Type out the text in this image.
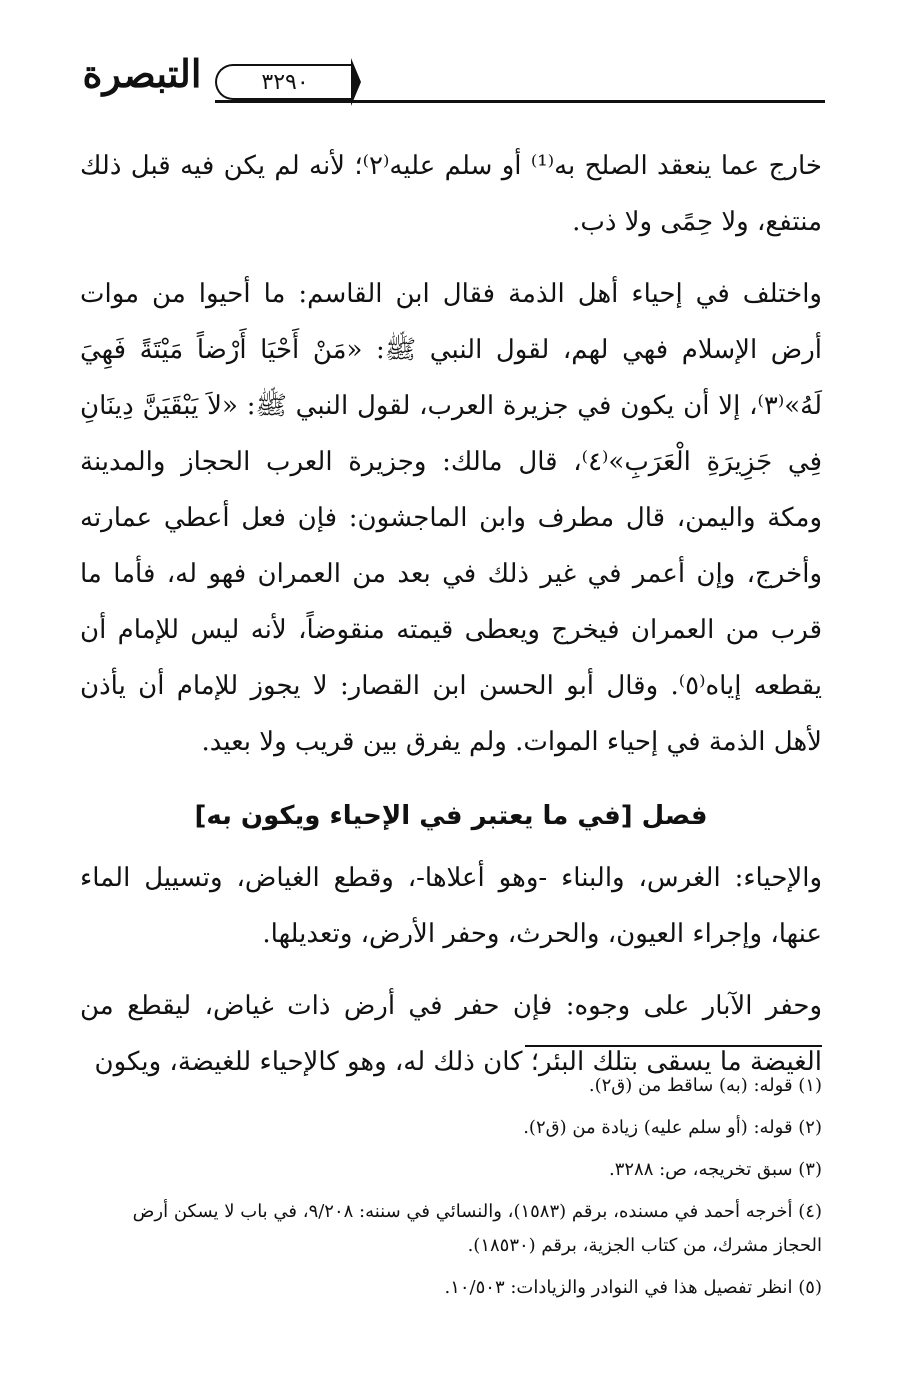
التبصرة	٣٢٩٠

خارج عما ينعقد الصلح به⁽¹⁾ أو سلم عليه⁽٢⁾؛ لأنه لم يكن فيه قبل ذلك منتفع، ولا حِمًى ولا ذب.

واختلف في إحياء أهل الذمة فقال ابن القاسم: ما أحيوا من موات أرض الإسلام فهي لهم، لقول النبي ﷺ: «مَنْ أَحْيَا أَرْضاً مَيْتَةً فَهِيَ لَهُ»⁽٣⁾، إلا أن يكون في جزيرة العرب، لقول النبي ﷺ: «لاَ يَبْقَيَنَّ دِينَانِ فِي جَزِيرَةِ الْعَرَبِ»⁽٤⁾، قال مالك: وجزيرة العرب الحجاز والمدينة ومكة واليمن، قال مطرف وابن الماجشون: فإن فعل أعطي عمارته وأخرج، وإن أعمر في غير ذلك في بعد من العمران فهو له، فأما ما قرب من العمران فيخرج ويعطى قيمته منقوضاً، لأنه ليس للإمام أن يقطعه إياه⁽٥⁾. وقال أبو الحسن ابن القصار: لا يجوز للإمام أن يأذن لأهل الذمة في إحياء الموات. ولم يفرق بين قريب ولا بعيد.

فصل [في ما يعتبر في الإحياء ويكون به]

والإحياء: الغرس، والبناء -وهو أعلاها-، وقطع الغياض، وتسييل الماء عنها، وإجراء العيون، والحرث، وحفر الأرض، وتعديلها.

وحفر الآبار على وجوه: فإن حفر في أرض ذات غياض، ليقطع من الغيضة ما يسقى بتلك البئر؛ كان ذلك له، وهو كالإحياء للغيضة، ويكون

(١) قوله: (به) ساقط من (ق٢).

(٢) قوله: (أو سلم عليه) زيادة من (ق٢).

(٣) سبق تخريجه، ص: ٣٢٨٨.

(٤) أخرجه أحمد في مسنده، برقم (١٥٨٣)، والنسائي في سننه: ٩/٢٠٨، في باب لا يسكن أرض الحجاز مشرك، من كتاب الجزية، برقم (١٨٥٣٠).

(٥) انظر تفصيل هذا في النوادر والزيادات: ١٠/٥٠٣.
